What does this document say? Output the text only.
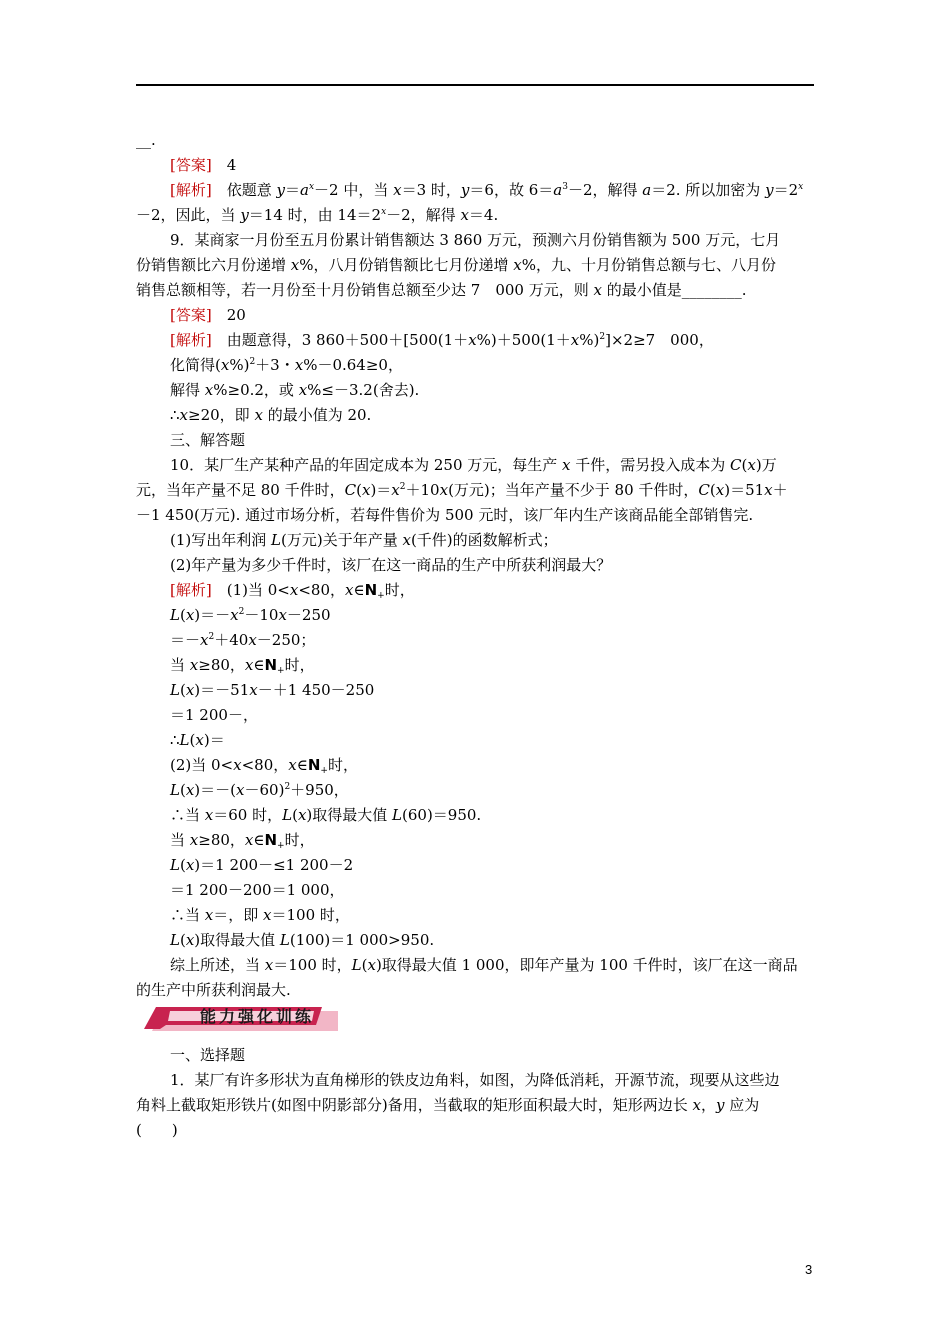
__.
[答案]　 4
[解析]　 依题意 $y=a^x-2$ 中，当 x＝3 时，y＝6，故 $6=a^3-2$，解得 a＝2. 所以加密为 $y=2^x$
－2，因此，当 y＝14 时，由 $14=2^x-2$，解得 x＝4.
9．某商家一月份至五月份累计销售额达 3 860 万元，预测六月份销售额为 500 万元，七月
份销售额比六月份递增 x%，八月份销售额比七月份递增 x%，九、十月份销售总额与七、八月份
销售总额相等，若一月份至十月份销售总额至少达 7　000 万元，则 x 的最小值是________.
[答案]　 20
[解析]　 由题意得，3 $860+500+[500(1+x\%)+500(1+x\%)^2]\times 2\ge 7$　000，
化简得$(x\%)^2+3$・x%－0.64≥0，
解得 x%≥0.2，或 x%≤－3.2(舍去).
∴x≥20，即 x 的最小值为 20.
三、解答题
10．某厂生产某种产品的年固定成本为 250 万元，每生产 x 千件，需另投入成本为 C(x)万
元，当年产量不足 80 千件时，$C(x)=x^2+10x$(万元)；当年产量不少于 80 千件时，C(x)＝51x＋
－1 450(万元). 通过市场分析，若每件售价为 500 元时，该厂年内生产该商品能全部销售完.
(1)写出年利润 L(万元)关于年产量 x(千件)的函数解析式；
(2)年产量为多少千件时，该厂在这一商品的生产中所获利润最大？
[解析]　 (1)当 0<x<80，$x\in N_+$时，
$L(x)=-x^2-10x-250$
$=-x^2+40x-250$；
当 x≥80，$x\in N_+$时，
L(x)＝－51x－＋1 450－250
＝1 200－，
∴L(x)＝
(2)当 0<x<80，$x\in N_+$时，
$L(x)=-(x-60)^2+950$，
∴当 x＝60 时，L(x)取得最大值 L(60)＝950.
当 x≥80，$x\in N_+$时，
L(x)＝1 200－≤1 200－2
＝1 200－200＝1 000，
∴当 x＝，即 x＝100 时，
L(x)取得最大值 L(100)＝1 000>950.
综上所述，当 x＝100 时，L(x)取得最大值 1 000，即年产量为 100 千件时，该厂在这一商品
的生产中所获利润最大.
一、选择题
1．某厂有许多形状为直角梯形的铁皮边角料，如图，为降低消耗，开源节流，现要从这些边
角料上截取矩形铁片(如图中阴影部分)备用，当截取的矩形面积最大时，矩形两边长 x，y 应为
(　　)
能力强化训练
3
